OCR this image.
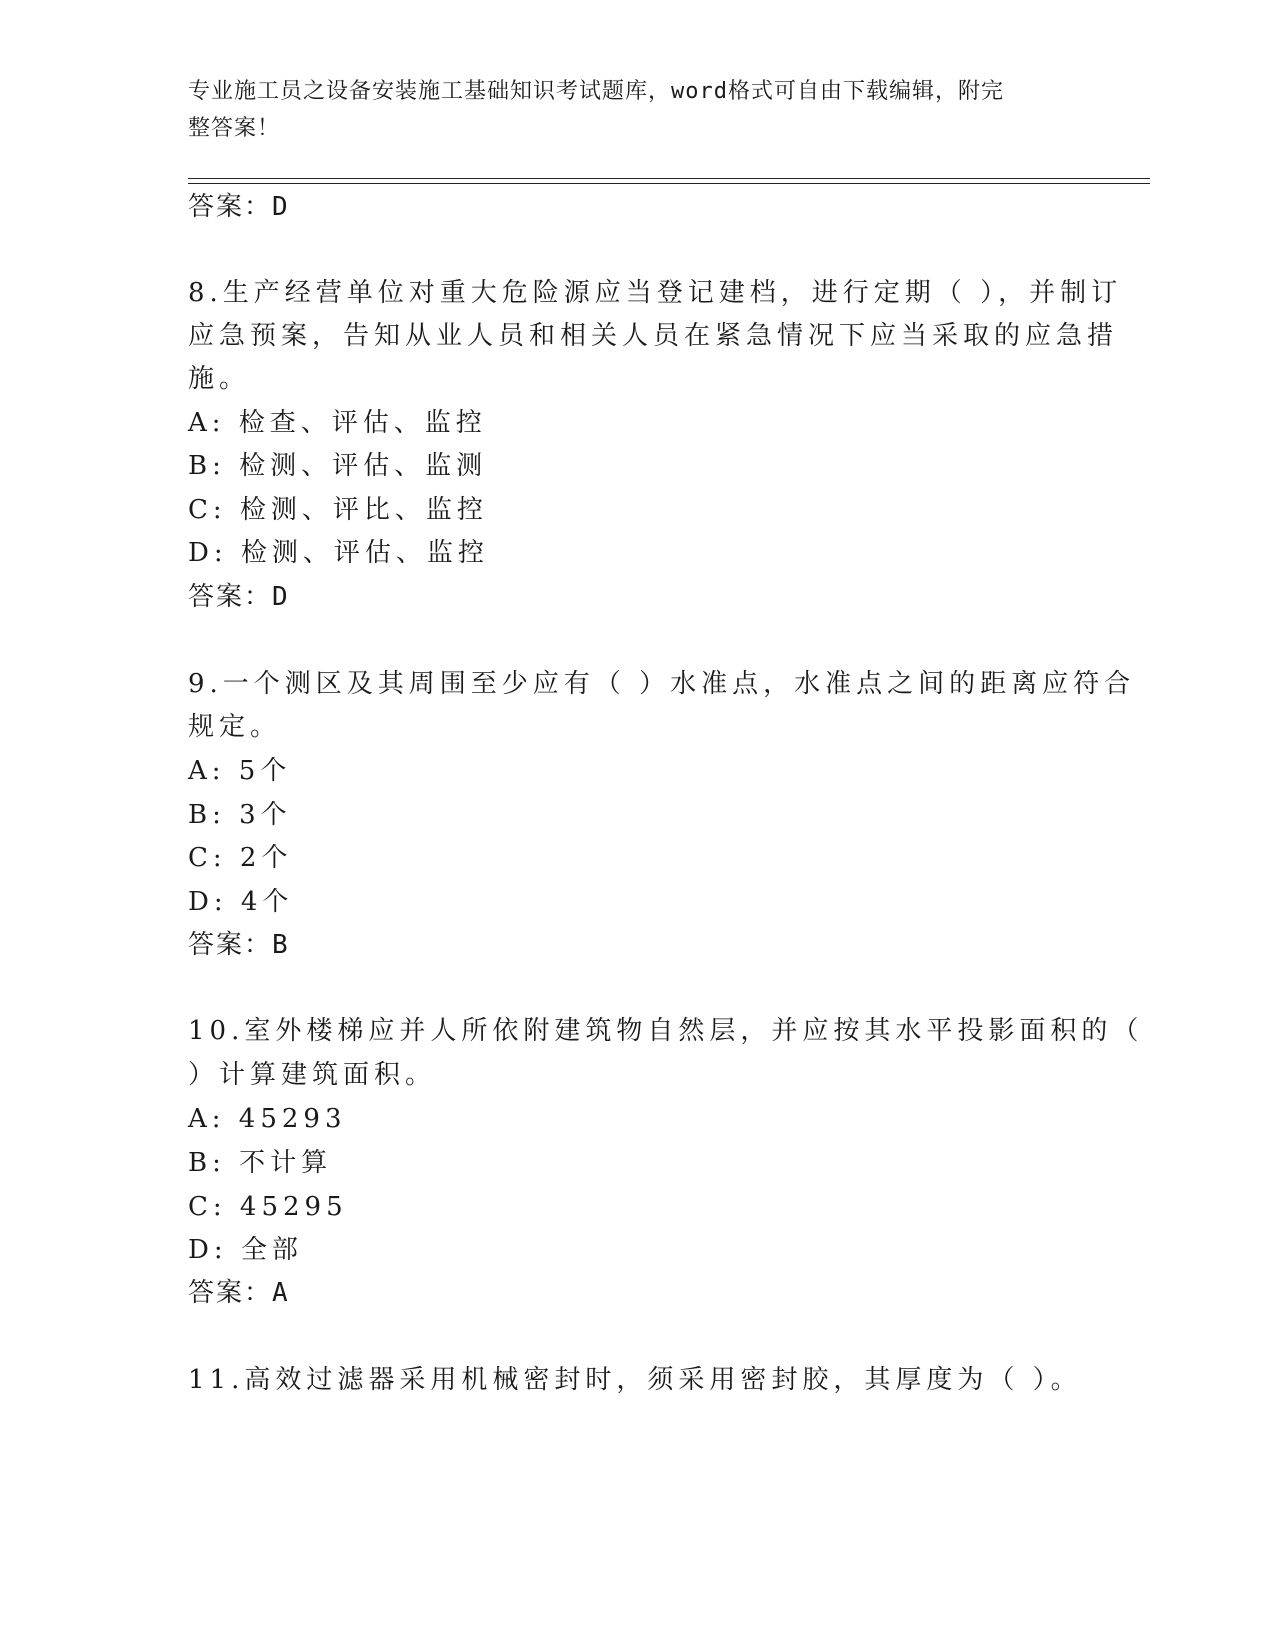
专业施工员之设备安装施工基础知识考试题库，word格式可自由下载编辑，附完
整答案！
答案：D
8.生产经营单位对重大危险源应当登记建档，进行定期（ ），并制订
应急预案，告知从业人员和相关人员在紧急情况下应当采取的应急措
施。
A: 检查、评估、监控
B: 检测、评估、监测
C: 检测、评比、监控
D: 检测、评估、监控
答案：D
9.一个测区及其周围至少应有（ ）水准点，水准点之间的距离应符合
规定。
A: 5个
B: 3个
C: 2个
D: 4个
答案：B
10.室外楼梯应并人所依附建筑物自然层，并应按其水平投影面积的（
）计算建筑面积。
A: 45293
B: 不计算
C: 45295
D: 全部
答案：A
11.高效过滤器采用机械密封时，须采用密封胶，其厚度为（ ）。
